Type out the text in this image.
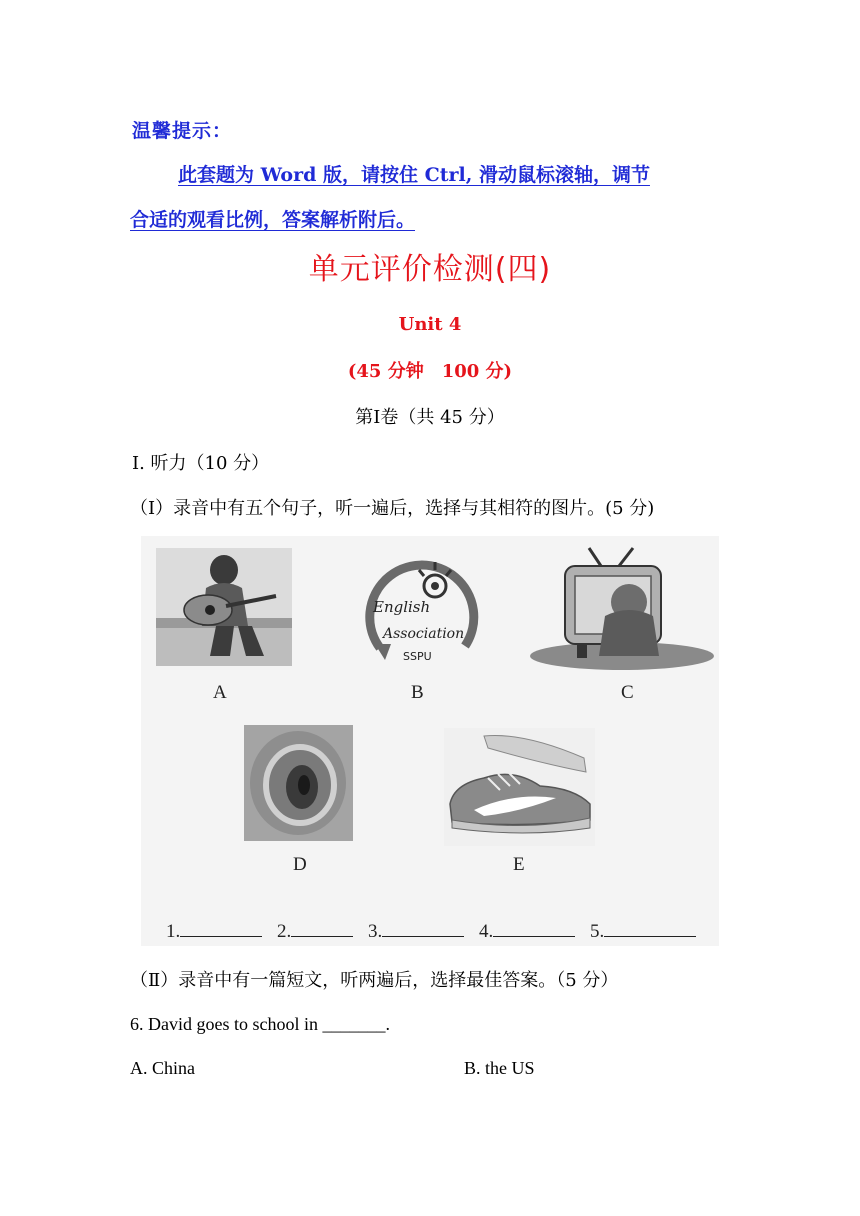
温馨提示：
此套题为 Word 版，请按住 Ctrl, 滑动鼠标滚轴，调节
合适的观看比例，答案解析附后。
单元评价检测(四)
Unit 4
(45 分钟　100 分)
第Ⅰ卷（共 45 分）
Ⅰ. 听力（10 分）
（Ⅰ）录音中有五个句子，听一遍后，选择与其相符的图片。(5 分)
A
English
Association
SSPU
B	C
D	E
1.	2.	3.	4.	5.
（Ⅱ）录音中有一篇短文，听两遍后，选择最佳答案。（5 分）
6. David goes to school in _______.
A. China	B. the US
